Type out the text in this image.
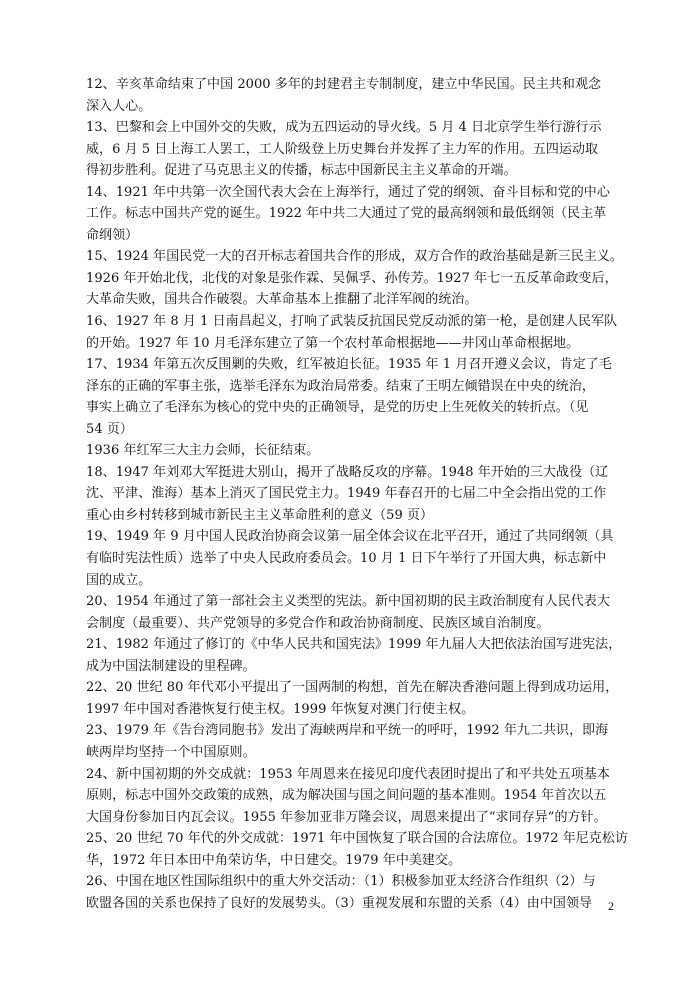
12、辛亥革命结束了中国 2000 多年的封建君主专制制度，建立中华民国。民主共和观念
深入人心。
13、巴黎和会上中国外交的失败，成为五四运动的导火线。5 月 4 日北京学生举行游行示
威，6 月 5 日上海工人罢工，工人阶级登上历史舞台并发挥了主力军的作用。五四运动取
得初步胜利。促进了马克思主义的传播，标志中国新民主主义革命的开端。
14、1921 年中共第一次全国代表大会在上海举行，通过了党的纲领、奋斗目标和党的中心
工作。标志中国共产党的诞生。1922 年中共二大通过了党的最高纲领和最低纲领（民主革
命纲领）
15、1924 年国民党一大的召开标志着国共合作的形成，双方合作的政治基础是新三民主义。
1926 年开始北伐，北伐的对象是张作霖、吴佩孚、孙传芳。1927 年七一五反革命政变后，
大革命失败，国共合作破裂。大革命基本上推翻了北洋军阀的统治。
16、1927 年 8 月 1 日南昌起义，打响了武装反抗国民党反动派的第一枪，是创建人民军队
的开始。1927 年 10 月毛泽东建立了第一个农村革命根据地——井冈山革命根据地。
17、1934 年第五次反围剿的失败，红军被迫长征。1935 年 1 月召开遵义会议，肯定了毛
泽东的正确的军事主张，选举毛泽东为政治局常委。结束了王明左倾错误在中央的统治，
事实上确立了毛泽东为核心的党中央的正确领导，是党的历史上生死攸关的转折点。（见
54 页）
1936 年红军三大主力会师，长征结束。
18、1947 年刘邓大军挺进大别山，揭开了战略反攻的序幕。1948 年开始的三大战役（辽
沈、平津、淮海）基本上消灭了国民党主力。1949 年春召开的七届二中全会指出党的工作
重心由乡村转移到城市新民主主义革命胜利的意义（59 页）
19、1949 年 9 月中国人民政治协商会议第一届全体会议在北平召开，通过了共同纲领（具
有临时宪法性质）选举了中央人民政府委员会。10 月 1 日下午举行了开国大典，标志新中
国的成立。
20、1954 年通过了第一部社会主义类型的宪法。新中国初期的民主政治制度有人民代表大
会制度（最重要）、共产党领导的多党合作和政治协商制度、民族区域自治制度。
21、1982 年通过了修订的《中华人民共和国宪法》1999 年九届人大把依法治国写进宪法，
成为中国法制建设的里程碑。
22、20 世纪 80 年代邓小平提出了一国两制的构想，首先在解决香港问题上得到成功运用，
1997 年中国对香港恢复行使主权。1999 年恢复对澳门行使主权。
23、1979 年《告台湾同胞书》发出了海峡两岸和平统一的呼吁，1992 年九二共识，即海
峡两岸均坚持一个中国原则。
24、新中国初期的外交成就：1953 年周恩来在接见印度代表团时提出了和平共处五项基本
原则，标志中国外交政策的成熟，成为解决国与国之间问题的基本准则。1954 年首次以五
大国身份参加日内瓦会议。1955 年参加亚非万隆会议，周恩来提出了“求同存异”的方针。
25、20 世纪 70 年代的外交成就：1971 年中国恢复了联合国的合法席位。1972 年尼克松访
华，1972 年日本田中角荣访华，中日建交。1979 年中美建交。
26、中国在地区性国际组织中的重大外交活动：（1）积极参加亚太经济合作组织（2）与
欧盟各国的关系也保持了良好的发展势头。（3）重视发展和东盟的关系（4）由中国领导	2
